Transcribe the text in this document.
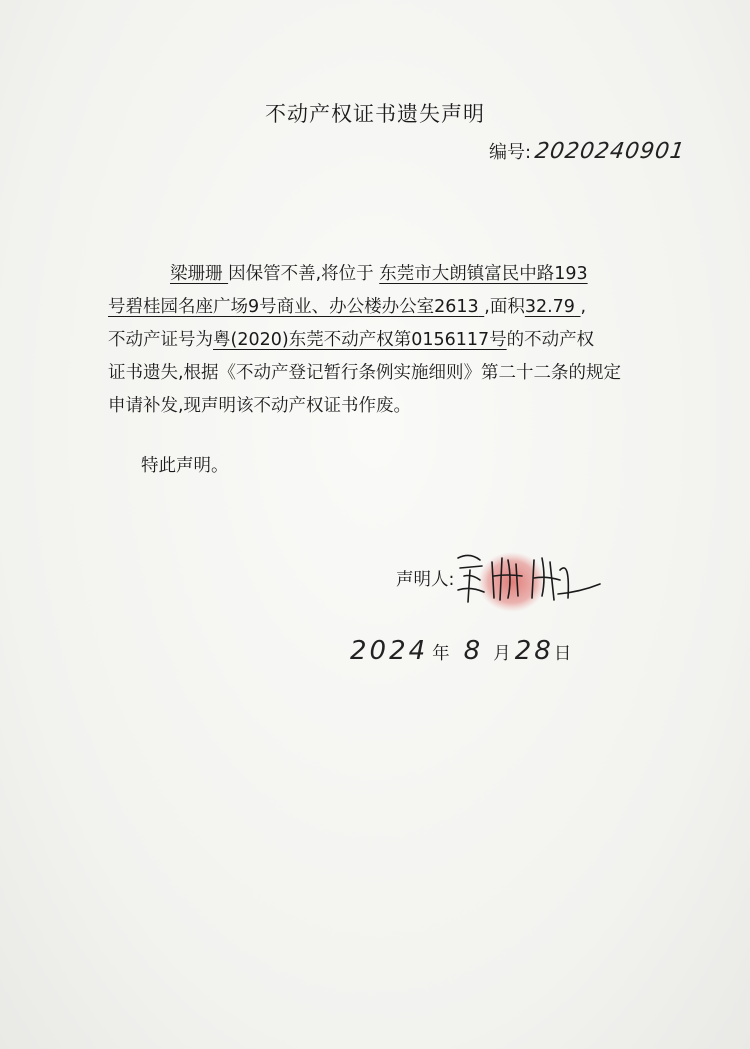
不动产权证书遗失声明
编号: 2020240901
梁珊珊 因保管不善,将位于 东莞市大朗镇富民中路193
号碧桂园名座广场9号商业、办公楼办公室2613 ,面积32.79 ,
不动产证号为粤(2020)东莞不动产权第0156117号的不动产权
证书遗失,根据《不动产登记暂行条例实施细则》第二十二条的规定
申请补发,现声明该不动产权证书作废。
特此声明。
声明人:
2024 年 8 月 28 日
